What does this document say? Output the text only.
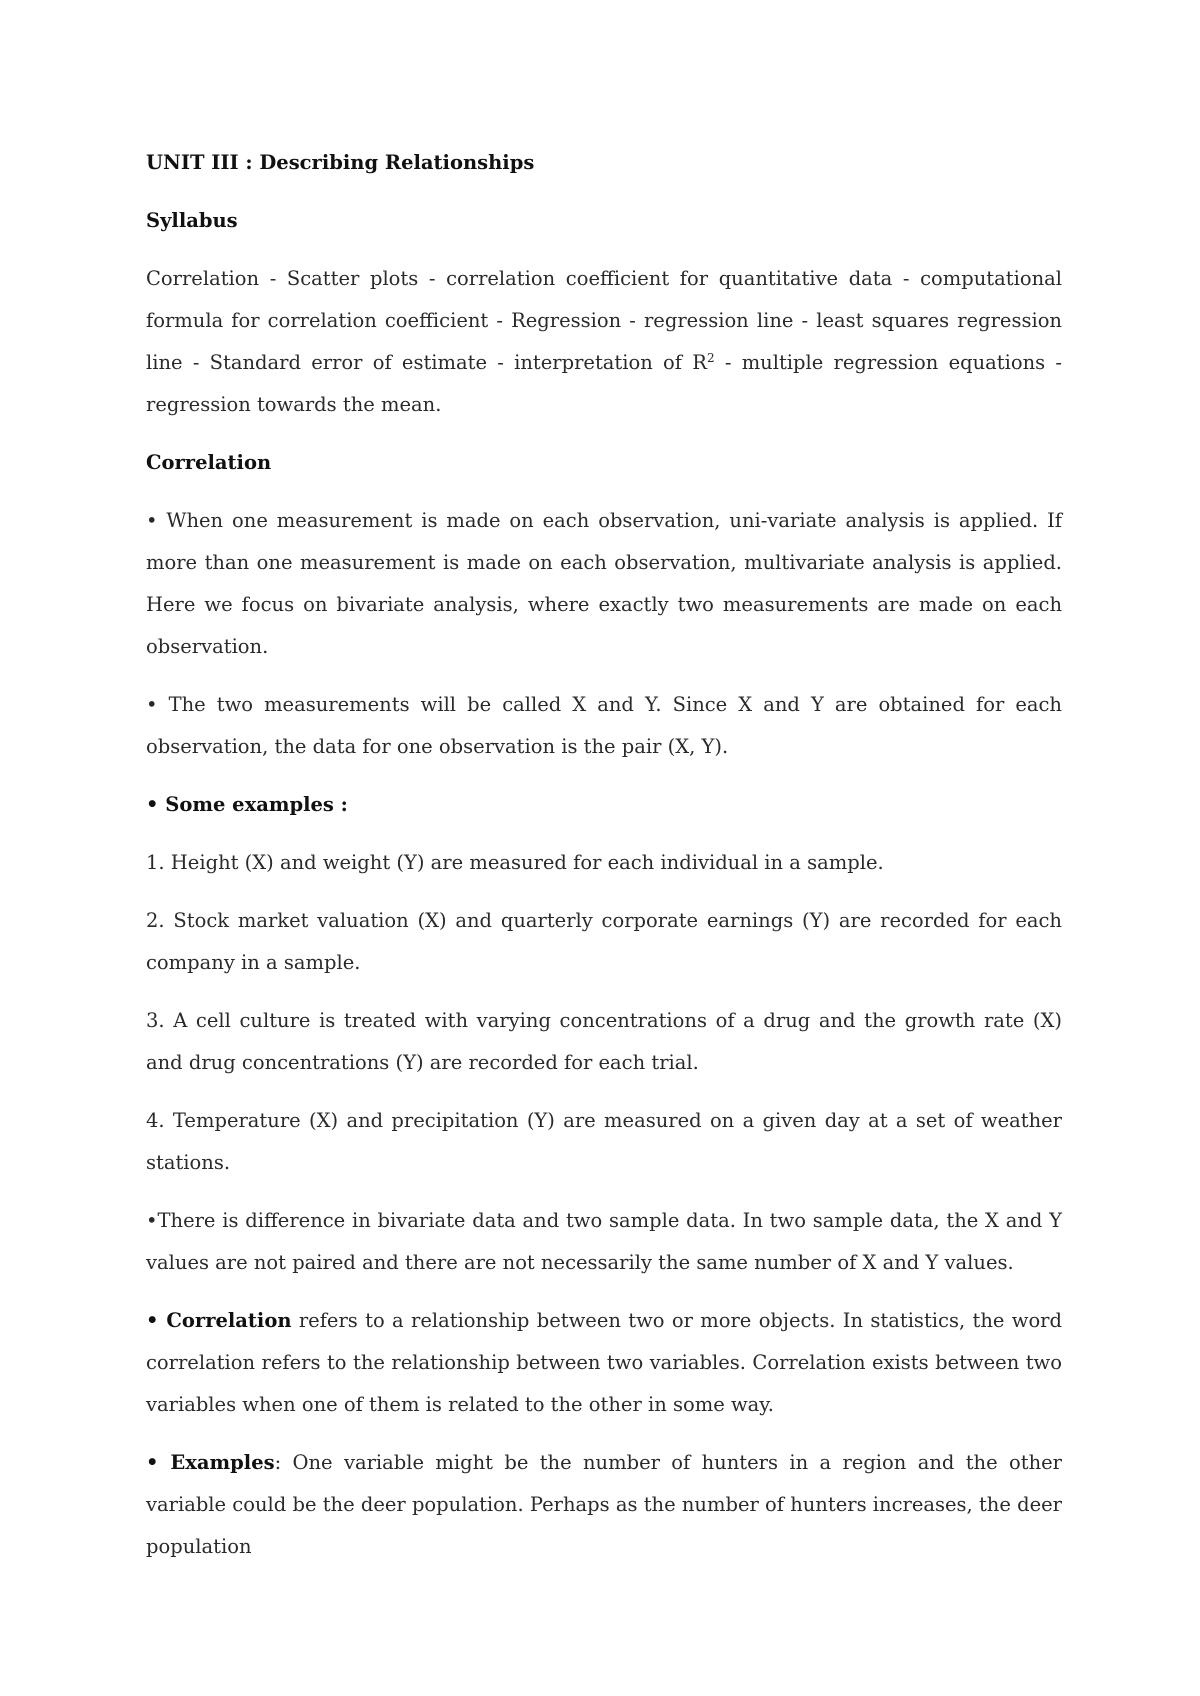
UNIT III : Describing Relationships

Syllabus

Correlation - Scatter plots - correlation coefficient for quantitative data - computational formula for correlation coefficient - Regression - regression line - least squares regression line - Standard error of estimate - interpretation of $R^2$ - multiple regression equations - regression towards the mean.

Correlation

• When one measurement is made on each observation, uni-variate analysis is applied. If more than one measurement is made on each observation, multivariate analysis is applied. Here we focus on bivariate analysis, where exactly two measurements are made on each observation.

• The two measurements will be called X and Y. Since X and Y are obtained for each observation, the data for one observation is the pair (X, Y).

• Some examples :

1. Height (X) and weight (Y) are measured for each individual in a sample.

2. Stock market valuation (X) and quarterly corporate earnings (Y) are recorded for each company in a sample.

3. A cell culture is treated with varying concentrations of a drug and the growth rate (X) and drug concentrations (Y) are recorded for each trial.

4. Temperature (X) and precipitation (Y) are measured on a given day at a set of weather stations.

•There is difference in bivariate data and two sample data. In two sample data, the X and Y values are not paired and there are not necessarily the same number of X and Y values.

• Correlation refers to a relationship between two or more objects. In statistics, the word correlation refers to the relationship between two variables. Correlation exists between two variables when one of them is related to the other in some way.

• Examples: One variable might be the number of hunters in a region and the other variable could be the deer population. Perhaps as the number of hunters increases, the deer population
